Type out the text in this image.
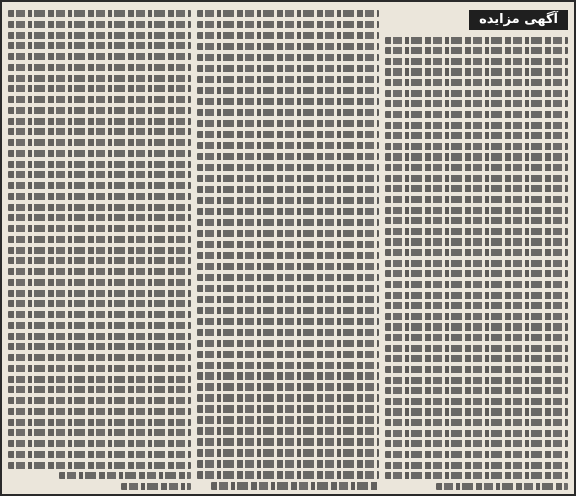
آگهی مزایده
